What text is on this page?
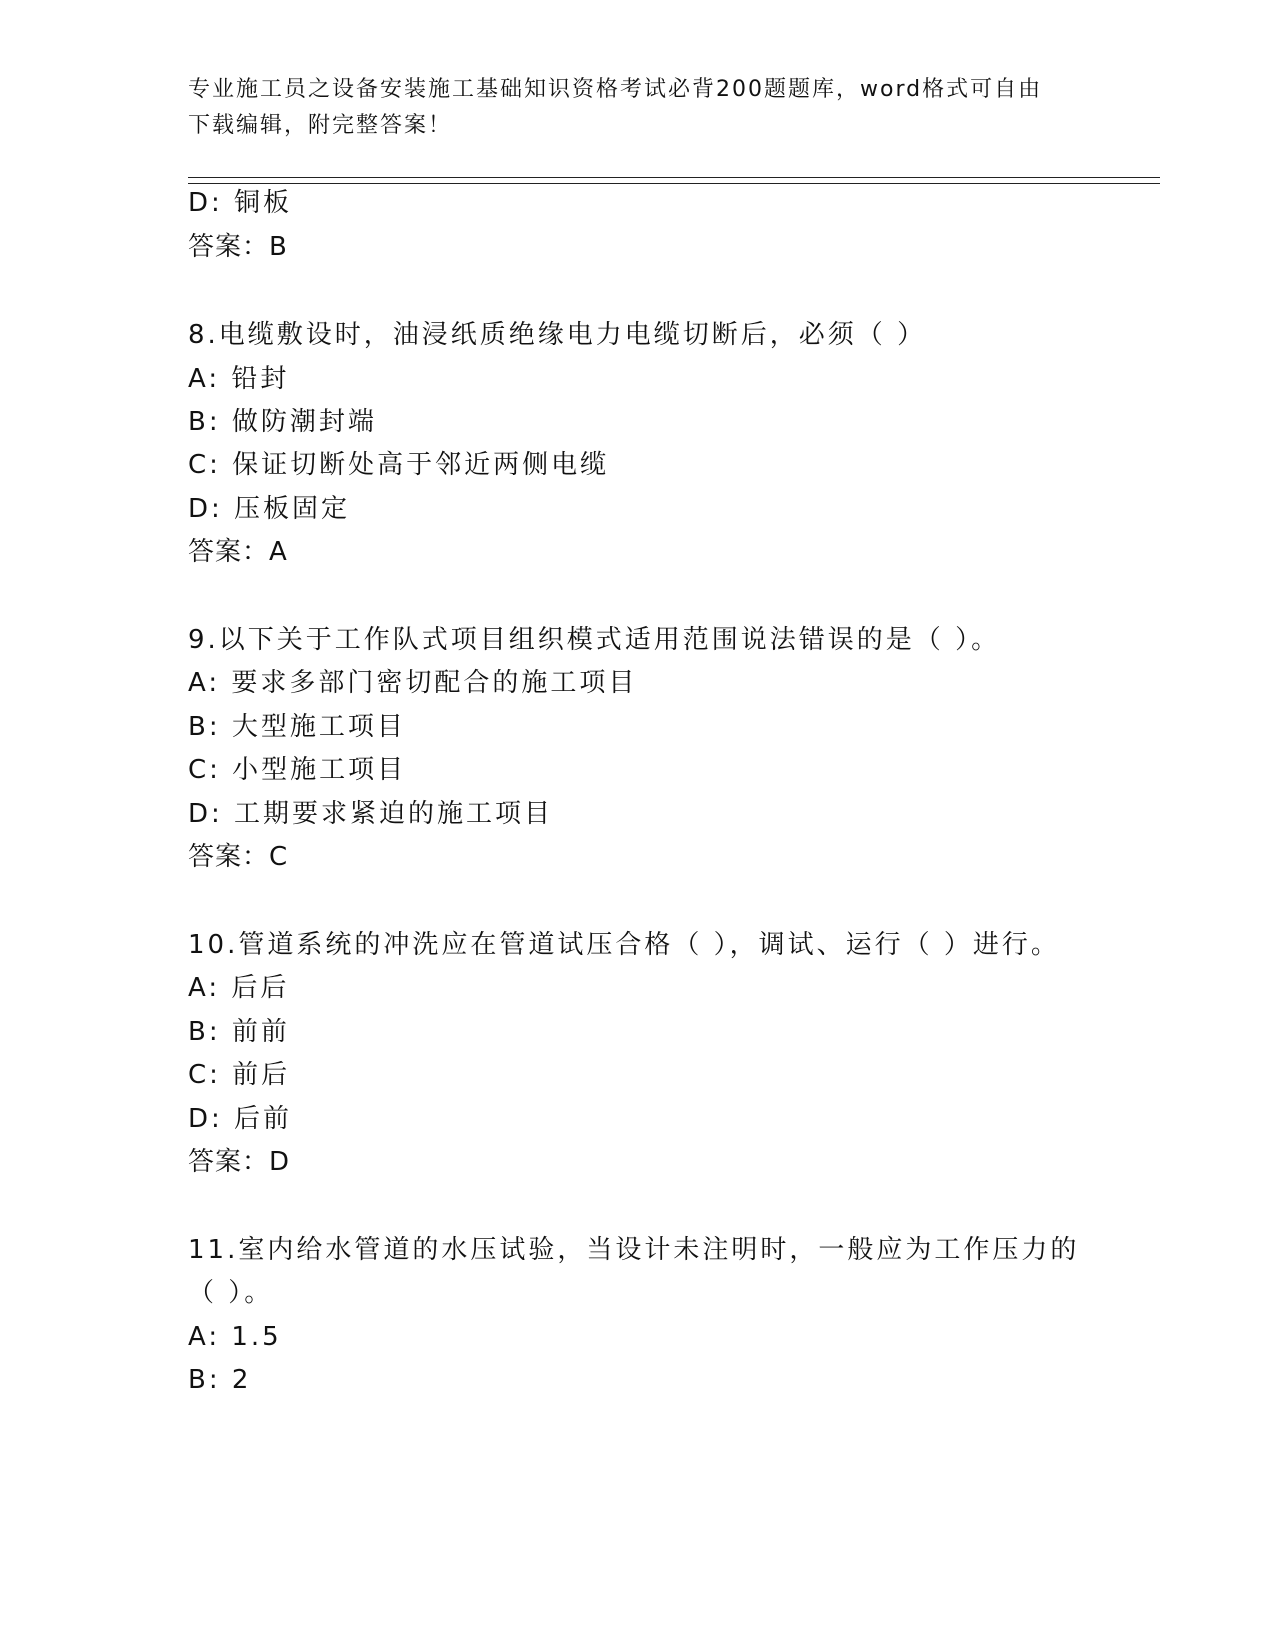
专业施工员之设备安装施工基础知识资格考试必背200题题库，word格式可自由
下载编辑，附完整答案！
D: 铜板
答案：B
8.电缆敷设时，油浸纸质绝缘电力电缆切断后，必须（ ）
A: 铅封
B: 做防潮封端
C: 保证切断处高于邻近两侧电缆
D: 压板固定
答案：A
9.以下关于工作队式项目组织模式适用范围说法错误的是（ ）。
A: 要求多部门密切配合的施工项目
B: 大型施工项目
C: 小型施工项目
D: 工期要求紧迫的施工项目
答案：C
10.管道系统的冲洗应在管道试压合格（ ），调试、运行（ ）进行。
A: 后后
B: 前前
C: 前后
D: 后前
答案：D
11.室内给水管道的水压试验，当设计未注明时，一般应为工作压力的
（ ）。
A: 1.5
B: 2
